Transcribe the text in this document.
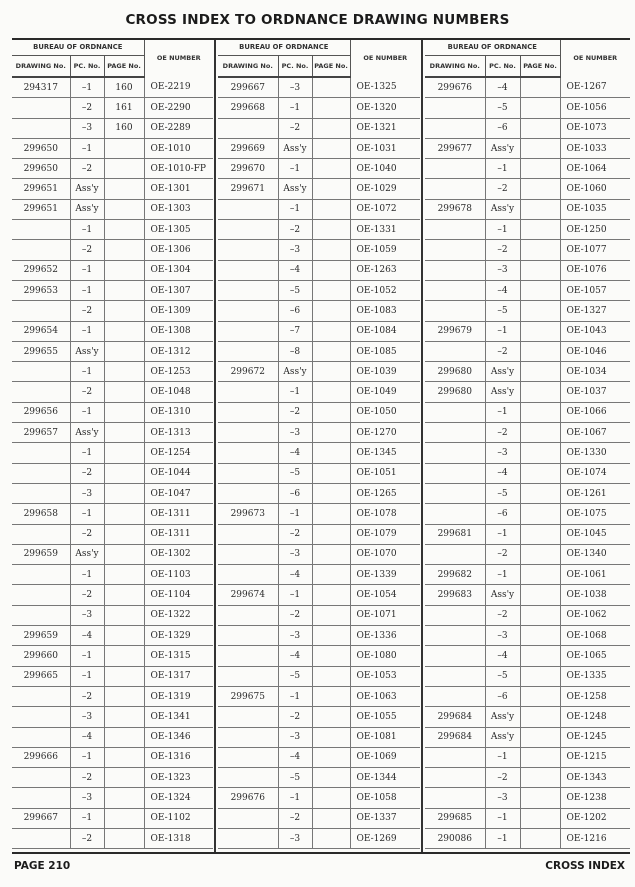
CROSS INDEX TO ORDNANCE DRAWING NUMBERS
BUREAU OF ORDNANCE			OE NUMBER
DRAWING No.	PC. No.	PAGE No.	
294317	–1	160	OE-2219
	–2	161	OE-2290
	–3	160	OE-2289
299650	–1		OE-1010
299650	–2		OE-1010-FP
299651	Ass'y		OE-1301
299651	Ass'y		OE-1303
	–1		OE-1305
	–2		OE-1306
299652	–1		OE-1304
299653	–1		OE-1307
	–2		OE-1309
299654	–1		OE-1308
299655	Ass'y		OE-1312
	–1		OE-1253
	–2		OE-1048
299656	–1		OE-1310
299657	Ass'y		OE-1313
	–1		OE-1254
	–2		OE-1044
	–3		OE-1047
299658	–1		OE-1311
	–2		OE-1311
299659	Ass'y		OE-1302
	–1		OE-1103
	–2		OE-1104
	–3		OE-1322
299659	–4		OE-1329
299660	–1		OE-1315
299665	–1		OE-1317
	–2		OE-1319
	–3		OE-1341
	–4		OE-1346
299666	–1		OE-1316
	–2		OE-1323
	–3		OE-1324
299667	–1		OE-1102
	–2		OE-1318
BUREAU OF ORDNANCE			OE NUMBER
DRAWING No.	PC. No.	PAGE No.	
299667	–3		OE-1325
299668	–1		OE-1320
	–2		OE-1321
299669	Ass'y		OE-1031
299670	–1		OE-1040
299671	Ass'y		OE-1029
	–1		OE-1072
	–2		OE-1331
	–3		OE-1059
	–4		OE-1263
	–5		OE-1052
	–6		OE-1083
	–7		OE-1084
	–8		OE-1085
299672	Ass'y		OE-1039
	–1		OE-1049
	–2		OE-1050
	–3		OE-1270
	–4		OE-1345
	–5		OE-1051
	–6		OE-1265
299673	–1		OE-1078
	–2		OE-1079
	–3		OE-1070
	–4		OE-1339
299674	–1		OE-1054
	–2		OE-1071
	–3		OE-1336
	–4		OE-1080
	–5		OE-1053
299675	–1		OE-1063
	–2		OE-1055
	–3		OE-1081
	–4		OE-1069
	–5		OE-1344
299676	–1		OE-1058
	–2		OE-1337
	–3		OE-1269
BUREAU OF ORDNANCE			OE NUMBER
DRAWING No.	PC. No.	PAGE No.	
299676	–4		OE-1267
	–5		OE-1056
	–6		OE-1073
299677	Ass'y		OE-1033
	–1		OE-1064
	–2		OE-1060
299678	Ass'y		OE-1035
	–1		OE-1250
	–2		OE-1077
	–3		OE-1076
	–4		OE-1057
	–5		OE-1327
299679	–1		OE-1043
	–2		OE-1046
299680	Ass'y		OE-1034
299680	Ass'y		OE-1037
	–1		OE-1066
	–2		OE-1067
	–3		OE-1330
	–4		OE-1074
	–5		OE-1261
	–6		OE-1075
299681	–1		OE-1045
	–2		OE-1340
299682	–1		OE-1061
299683	Ass'y		OE-1038
	–2		OE-1062
	–3		OE-1068
	–4		OE-1065
	–5		OE-1335
	–6		OE-1258
299684	Ass'y		OE-1248
299684	Ass'y		OE-1245
	–1		OE-1215
	–2		OE-1343
	–3		OE-1238
299685	–1		OE-1202
290086	–1		OE-1216
PAGE 210	CROSS INDEX
